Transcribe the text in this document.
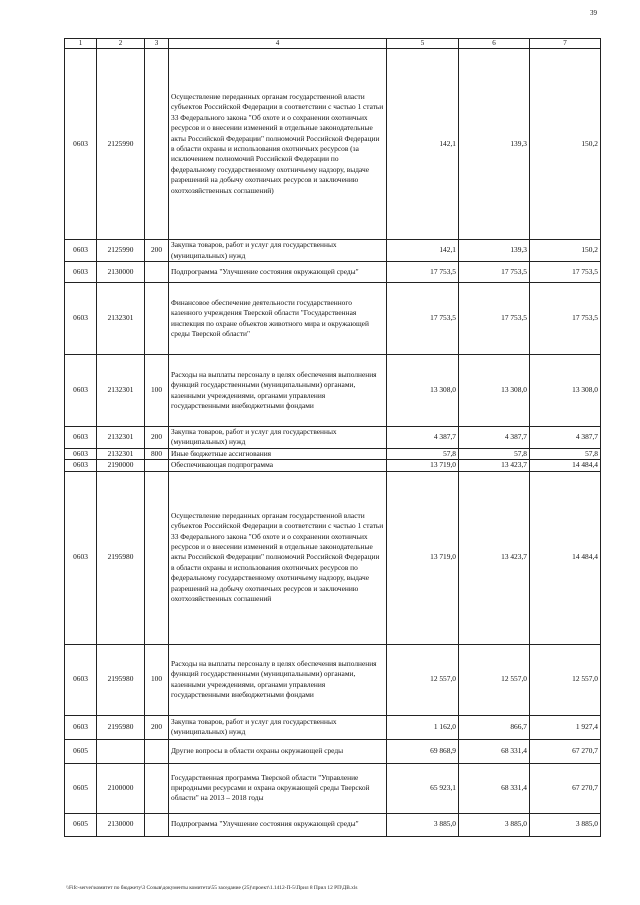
39
1	2	3	4	5	6	7
0603	2125990		Осуществление переданных органам государственной власти субъектов Российской Федерации в соответствии с частью 1 статьи 33 Федерального закона "Об охоте и о сохранении охотничьих ресурсов и о внесении изменений в отдельные законодательные акты Российской Федерации" полномочий Российской Федерации в области охраны и использования охотничьих ресурсов (за исключением полномочий Российской Федерации по федеральному государственному охотничьему надзору, выдаче разрешений на добычу охотничьих ресурсов и заключению охотхозяйственных соглашений)	142,1	139,3	150,2
0603	2125990	200	Закупка товаров, работ и услуг для государственных (муниципальных) нужд	142,1	139,3	150,2
0603	2130000		Подпрограмма "Улучшение состояния окружающей среды"	17 753,5	17 753,5	17 753,5
0603	2132301		Финансовое обеспечение деятельности государственного казенного учреждения Тверской области "Государственная инспекция по охране объектов животного мира и окружающей среды Тверской области"	17 753,5	17 753,5	17 753,5
0603	2132301	100	Расходы на выплаты персоналу в целях обеспечения выполнения функций государственными (муниципальными) органами, казенными учреждениями, органами управления государственными внебюджетными фондами	13 308,0	13 308,0	13 308,0
0603	2132301	200	Закупка товаров, работ и услуг для государственных (муниципальных) нужд	4 387,7	4 387,7	4 387,7
0603	2132301	800	Иные бюджетные ассигнования	57,8	57,8	57,8
0603	2190000		Обеспечивающая подпрограмма	13 719,0	13 423,7	14 484,4
0603	2195980		Осуществление переданных органам государственной власти субъектов Российской Федерации в соответствии с частью 1 статьи 33 Федерального закона "Об охоте и о сохранении охотничьих ресурсов и о внесении изменений в отдельные законодательные акты Российской Федерации" полномочий Российской Федерации в области охраны и использования охотничьих ресурсов по федеральному государственному охотничьему надзору, выдаче разрешений на добычу охотничьих ресурсов и заключению охотхозяйственных соглашений	13 719,0	13 423,7	14 484,4
0603	2195980	100	Расходы на выплаты персоналу в целях обеспечения выполнения функций государственными (муниципальными) органами, казенными учреждениями, органами управления государственными внебюджетными фондами	12 557,0	12 557,0	12 557,0
0603	2195980	200	Закупка товаров, работ и услуг для государственных (муниципальных) нужд	1 162,0	866,7	1 927,4
0605			Другие вопросы в области охраны окружающей среды	69 868,9	68 331,4	67 270,7
0605	2100000		Государственная программа Тверской области "Управление природными ресурсами и охрана окружающей среды Тверской области" на 2013 – 2018 годы	65 923,1	68 331,4	67 270,7
0605	2130000		Подпрограмма "Улучшение состояния окружающей среды"	3 885,0	3 885,0	3 885,0
\\Fifc-server\комитет по бюджету\3 Созыв\документы комитета\55 заседание (25)\проект\1.1412-П-5\Прил 8 Прил 12 РП\ДВ.xls
